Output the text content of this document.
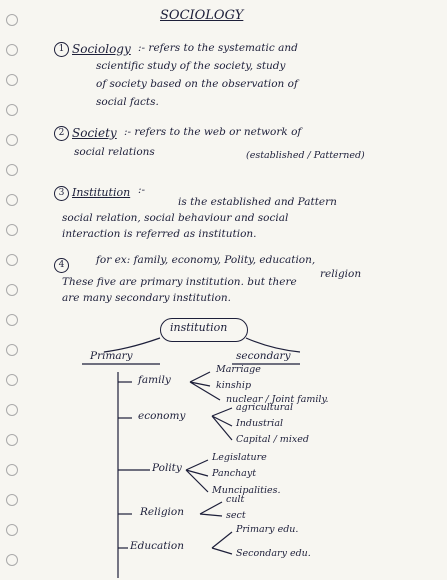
SOCIOLOGY
1 Sociology :- refers to the systematic and
scientific study of the society, study
of society based on the observation of
social facts.
2 Society :- refers to the web or network of
social relations	(established / Patterned)
3 Institution :-
is the established and Pattern
social relation, social behaviour and social
interaction is referred as institution.
4	for ex: family, economy, Polity, education,
religion
These five are primary institution. but there
are many secondary institution.
institution
Primary	secondary
family
Marriage
kinship
nuclear / Joint family.
economy
agricultural
Industrial
Capital / mixed
Polity
Legislature
Panchayt
Muncipalities.
Religion
cult
sect
Education
Primary edu.
Secondary edu.
